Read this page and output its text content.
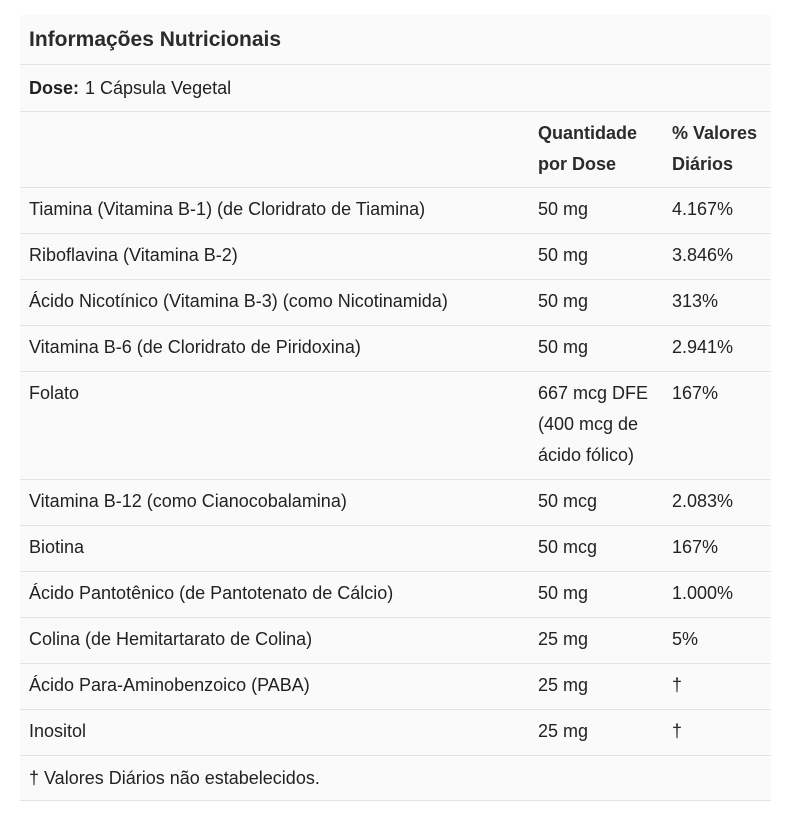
Informações Nutricionais
Dose: 1 Cápsula Vegetal
	Quantidade por Dose	% Valores Diários
Tiamina (Vitamina B-1) (de Cloridrato de Tiamina)	50 mg	4.167%
Riboflavina (Vitamina B-2)	50 mg	3.846%
Ácido Nicotínico (Vitamina B-3) (como Nicotinamida)	50 mg	313%
Vitamina B-6 (de Cloridrato de Piridoxina)	50 mg	2.941%
Folato	667 mcg DFE (400 mcg de ácido fólico)	167%
Vitamina B-12 (como Cianocobalamina)	50 mcg	2.083%
Biotina	50 mcg	167%
Ácido Pantotênico (de Pantotenato de Cálcio)	50 mg	1.000%
Colina (de Hemitartarato de Colina)	25 mg	5%
Ácido Para-Aminobenzoico (PABA)	25 mg	†
Inositol	25 mg	†
† Valores Diários não estabelecidos.
